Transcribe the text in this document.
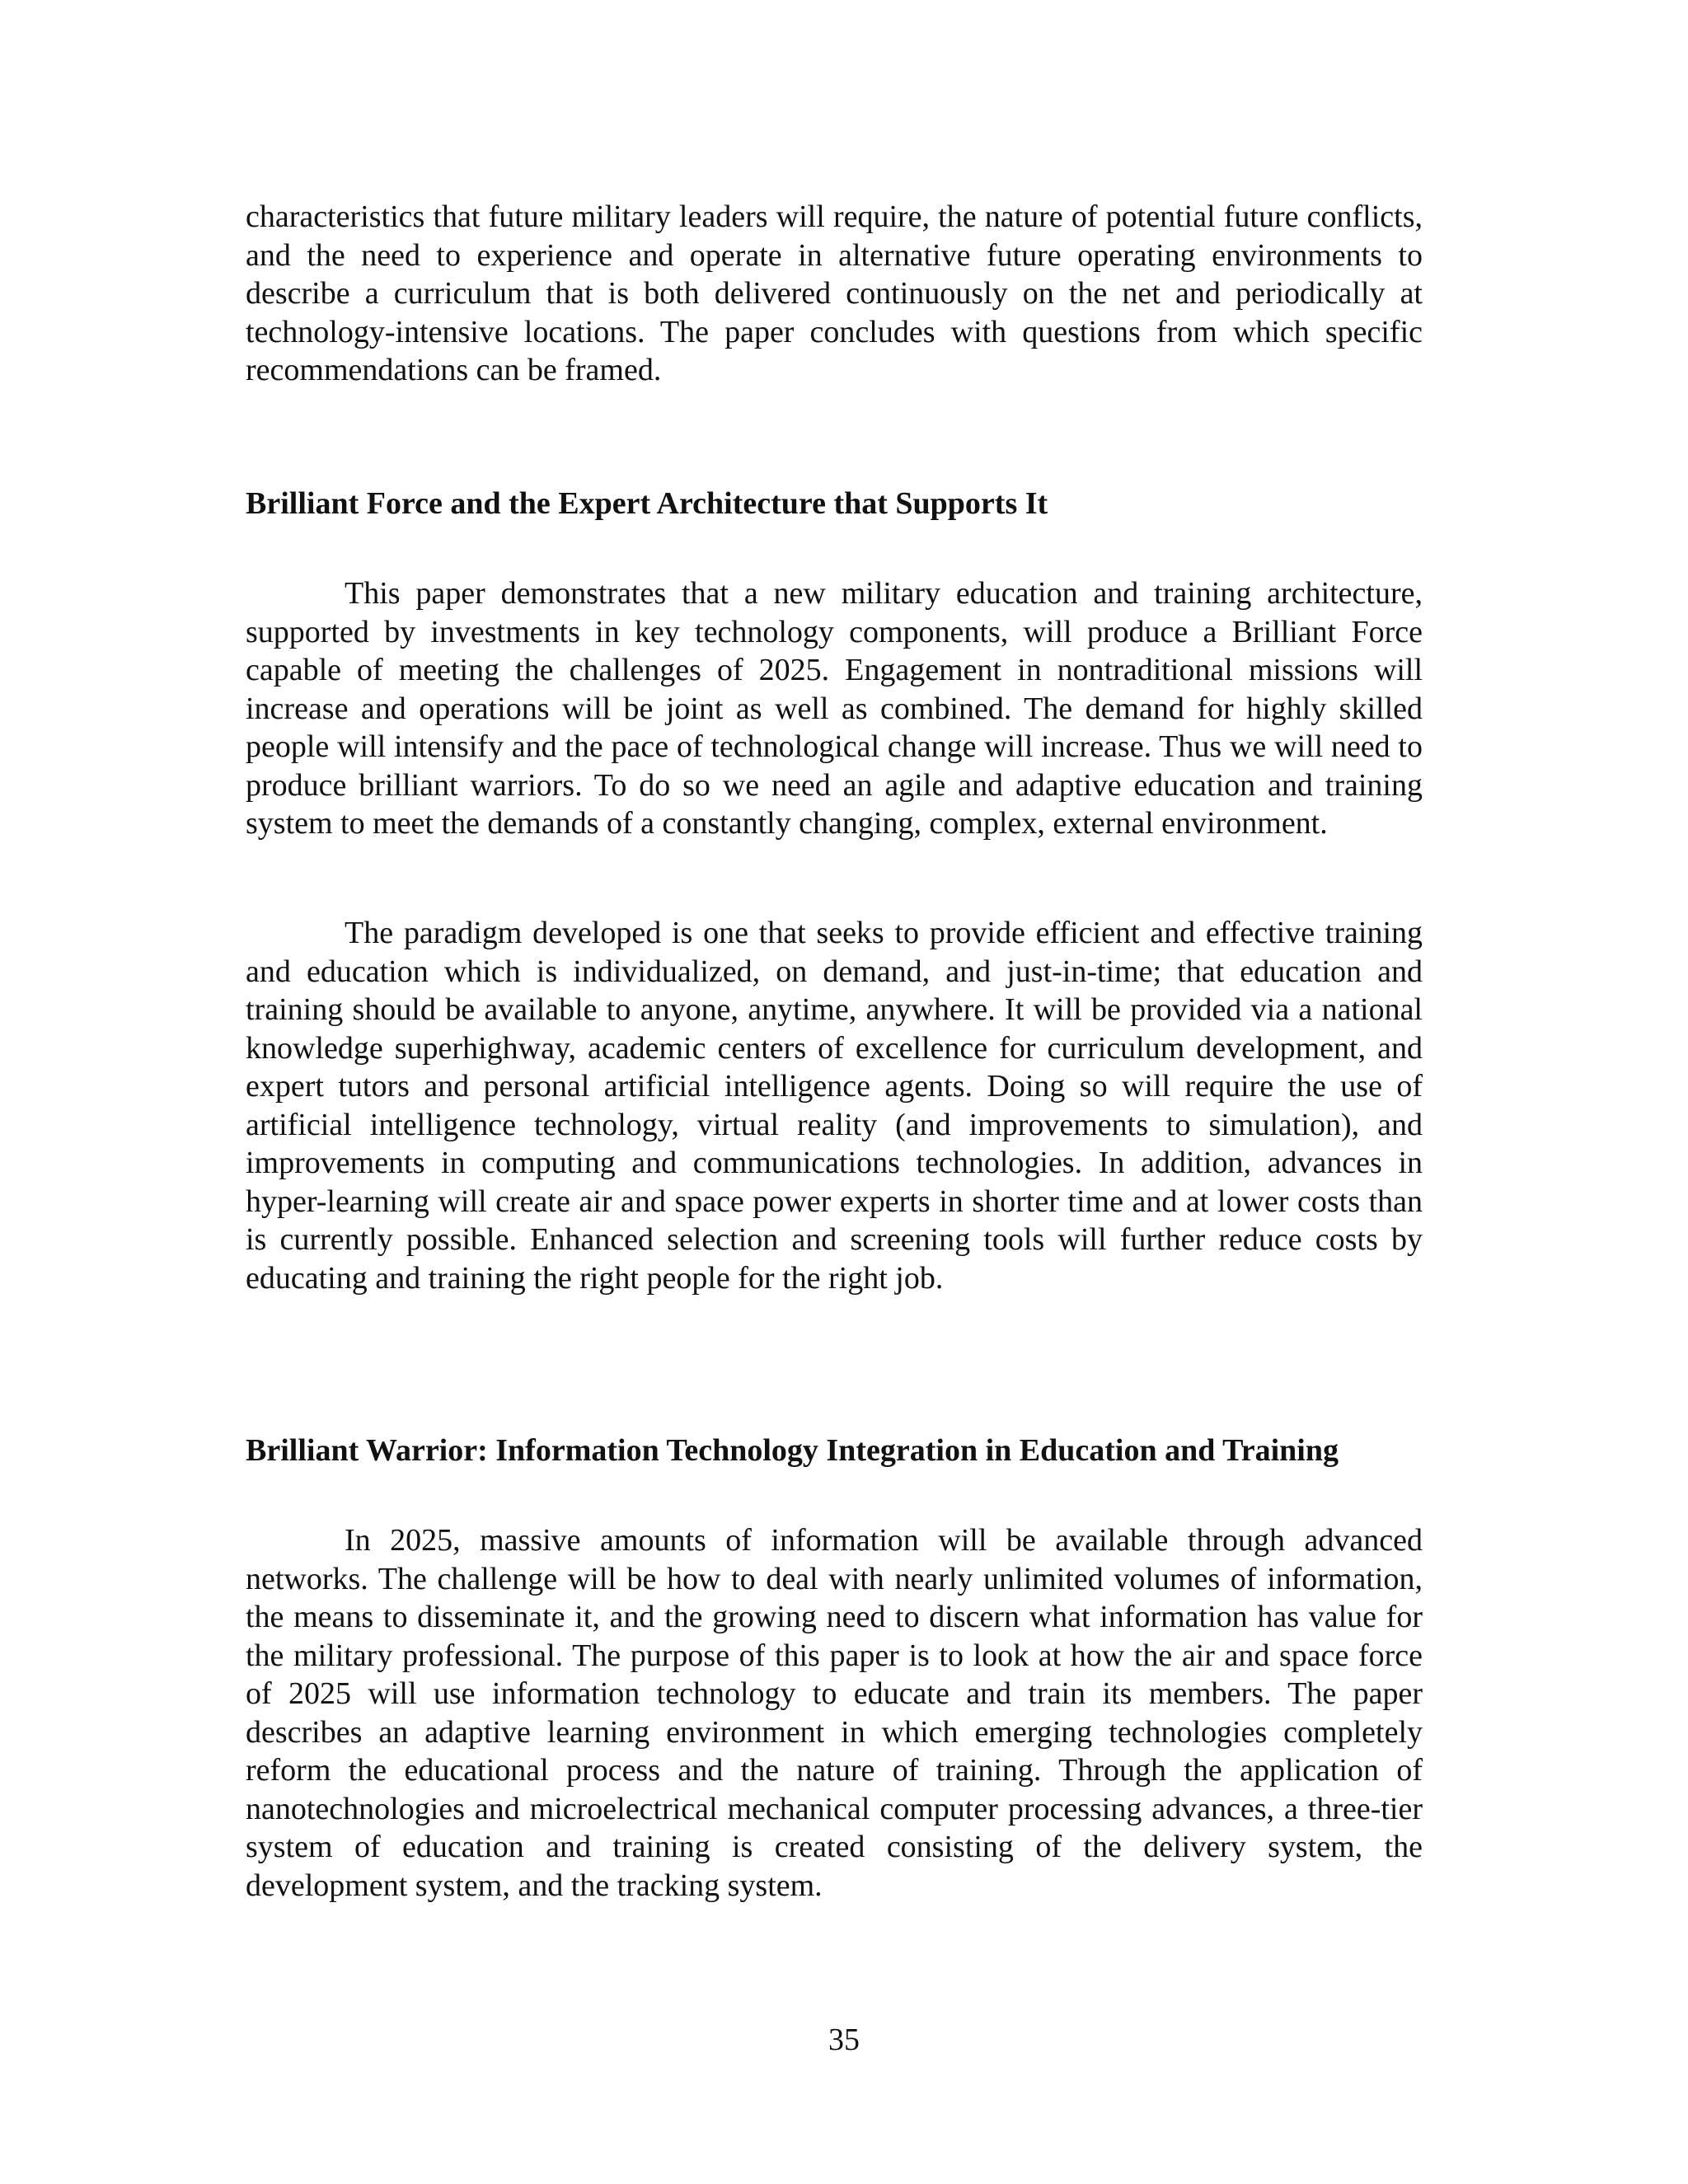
characteristics that future military leaders will require, the nature of potential future conflicts, and the need to experience and operate in alternative future operating environments to describe a curriculum that is both delivered continuously on the net and periodically at technology-intensive locations. The paper concludes with questions from which specific recommendations can be framed.

Brilliant Force and the Expert Architecture that Supports It

This paper demonstrates that a new military education and training architecture, supported by investments in key technology components, will produce a Brilliant Force capable of meeting the challenges of 2025. Engagement in nontraditional missions will increase and operations will be joint as well as combined. The demand for highly skilled people will intensify and the pace of technological change will increase. Thus we will need to produce brilliant warriors. To do so we need an agile and adaptive education and training system to meet the demands of a constantly changing, complex, external environment.

The paradigm developed is one that seeks to provide efficient and effective training and education which is individualized, on demand, and just-in-time; that education and training should be available to anyone, anytime, anywhere. It will be provided via a national knowledge superhighway, academic centers of excellence for curriculum development, and expert tutors and personal artificial intelligence agents. Doing so will require the use of artificial intelligence technology, virtual reality (and improvements to simulation), and improvements in computing and communications technologies. In addition, advances in hyper-learning will create air and space power experts in shorter time and at lower costs than is currently possible. Enhanced selection and screening tools will further reduce costs by educating and training the right people for the right job.

Brilliant Warrior: Information Technology Integration in Education and Training

In 2025, massive amounts of information will be available through advanced networks. The challenge will be how to deal with nearly unlimited volumes of information, the means to disseminate it, and the growing need to discern what information has value for the military professional. The purpose of this paper is to look at how the air and space force of 2025 will use information technology to educate and train its members. The paper describes an adaptive learning environment in which emerging technologies completely reform the educational process and the nature of training. Through the application of nanotechnologies and microelectrical mechanical computer processing advances, a three-tier system of education and training is created consisting of the delivery system, the development system, and the tracking system.

35
